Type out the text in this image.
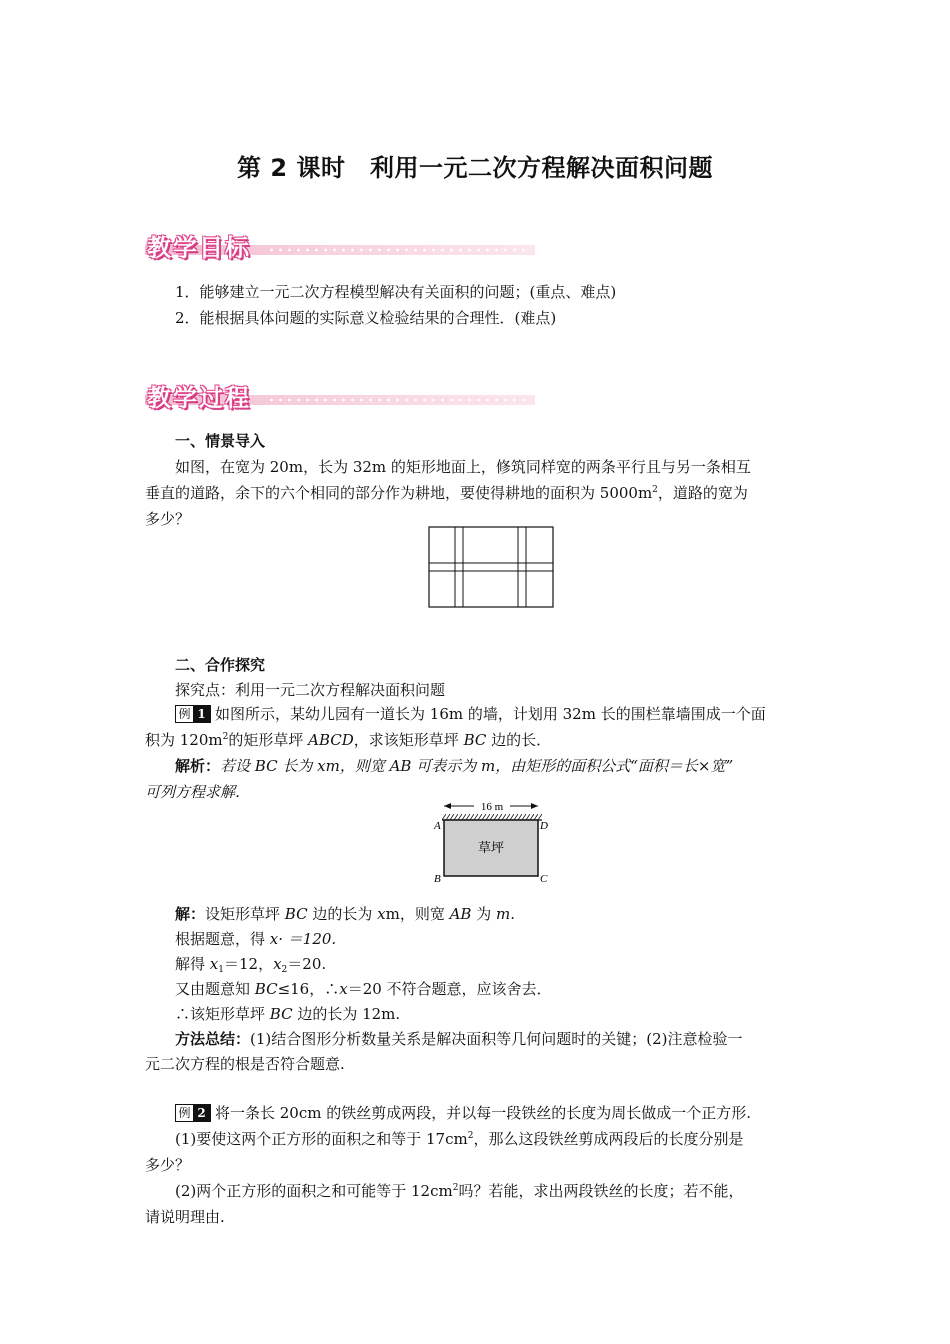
第 2 课时　利用一元二次方程解决面积问题
教学目标
1．能够建立一元二次方程模型解决有关面积的问题；(重点、难点)
2．能根据具体问题的实际意义检验结果的合理性．(难点)
教学过程
一、情景导入
如图，在宽为 20m，长为 32m 的矩形地面上，修筑同样宽的两条平行且与另一条相互
垂直的道路，余下的六个相同的部分作为耕地，要使得耕地的面积为 $5000m^2$，道路的宽为
多少？
二、合作探究
探究点：利用一元二次方程解决面积问题
例 1 如图所示，某幼儿园有一道长为 16m 的墙，计划用 32m 长的围栏靠墙围成一个面
积为 $120m^2$的矩形草坪 ABCD，求该矩形草坪 BC 边的长．
解析：若设 BC 长为 xm，则宽 AB 可表示为 m，由矩形的面积公式“面积＝长×宽”
可列方程求解．
16 m
草坪
A	D
B	C
解：设矩形草坪 BC 边的长为 xm，则宽 AB 为 m.
根据题意，得 x· ＝120.
解得 $x_1=12$，$x_2=20$.
又由题意知 BC≤16，∴x＝20 不符合题意，应该舍去．
∴该矩形草坪 BC 边的长为 12m.
方法总结：(1)结合图形分析数量关系是解决面积等几何问题时的关键；(2)注意检验一
元二次方程的根是否符合题意.
例 2 将一条长 20cm 的铁丝剪成两段，并以每一段铁丝的长度为周长做成一个正方形.
(1)要使这两个正方形的面积之和等于 $17cm^2$，那么这段铁丝剪成两段后的长度分别是
多少？
(2)两个正方形的面积之和可能等于 $12cm^2$吗？若能，求出两段铁丝的长度；若不能，
请说明理由.
